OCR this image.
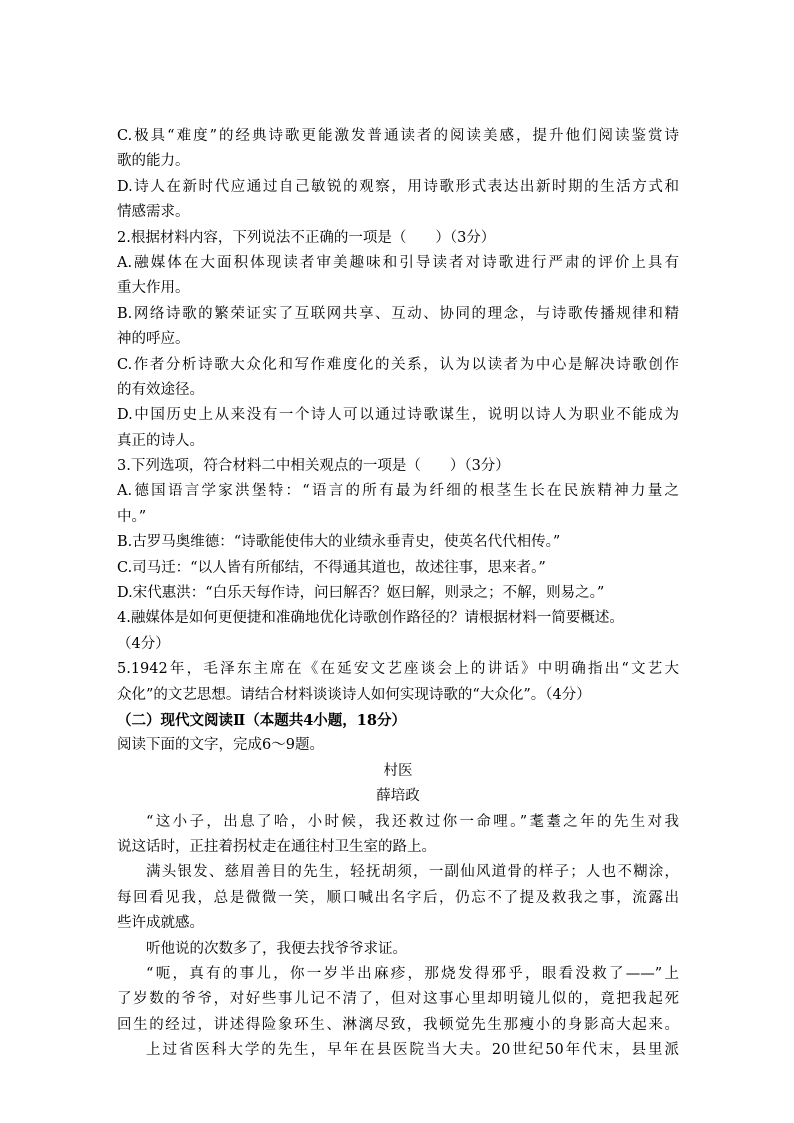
C.极具“难度”的经典诗歌更能激发普通读者的阅读美感，提升他们阅读鉴赏诗
歌的能力。
D.诗人在新时代应通过自己敏锐的观察，用诗歌形式表达出新时期的生活方式和
情感需求。
2.根据材料内容，下列说法不正确的一项是（　　）（3分）
A.融媒体在大面积体现读者审美趣味和引导读者对诗歌进行严肃的评价上具有
重大作用。
B.网络诗歌的繁荣证实了互联网共享、互动、协同的理念，与诗歌传播规律和精
神的呼应。
C.作者分析诗歌大众化和写作难度化的关系，认为以读者为中心是解决诗歌创作
的有效途径。
D.中国历史上从来没有一个诗人可以通过诗歌谋生，说明以诗人为职业不能成为
真正的诗人。
3.下列选项，符合材料二中相关观点的一项是（　　）（3分）
A.德国语言学家洪堡特：“语言的所有最为纤细的根茎生长在民族精神力量之
中。”
B.古罗马奥维德：“诗歌能使伟大的业绩永垂青史，使英名代代相传。”
C.司马迁：“以人皆有所郁结，不得通其道也，故述往事，思来者。”
D.宋代惠洪：“白乐天每作诗，问曰解否？妪曰解，则录之；不解，则易之。”
4.融媒体是如何更便捷和准确地优化诗歌创作路径的？请根据材料一简要概述。
（4分）
5.1942年，毛泽东主席在《在延安文艺座谈会上的讲话》中明确指出“文艺大
众化”的文艺思想。请结合材料谈谈诗人如何实现诗歌的“大众化”。（4分）
（二）现代文阅读Ⅱ（本题共4小题，18分）
阅读下面的文字，完成6～9题。
村医
薛培政
“这小子，出息了哈，小时候，我还救过你一命哩。”耄耋之年的先生对我
说这话时，正拄着拐杖走在通往村卫生室的路上。
满头银发、慈眉善目的先生，轻抚胡须，一副仙风道骨的样子；人也不糊涂，
每回看见我，总是微微一笑，顺口喊出名字后，仍忘不了提及救我之事，流露出
些许成就感。
听他说的次数多了，我便去找爷爷求证。
“呃，真有的事儿，你一岁半出麻疹，那烧发得邪乎，眼看没救了——”上
了岁数的爷爷，对好些事儿记不清了，但对这事心里却明镜儿似的，竟把我起死
回生的经过，讲述得险象环生、淋漓尽致，我顿觉先生那瘦小的身影高大起来。
上过省医科大学的先生，早年在县医院当大夫。20世纪50年代末，县里派
